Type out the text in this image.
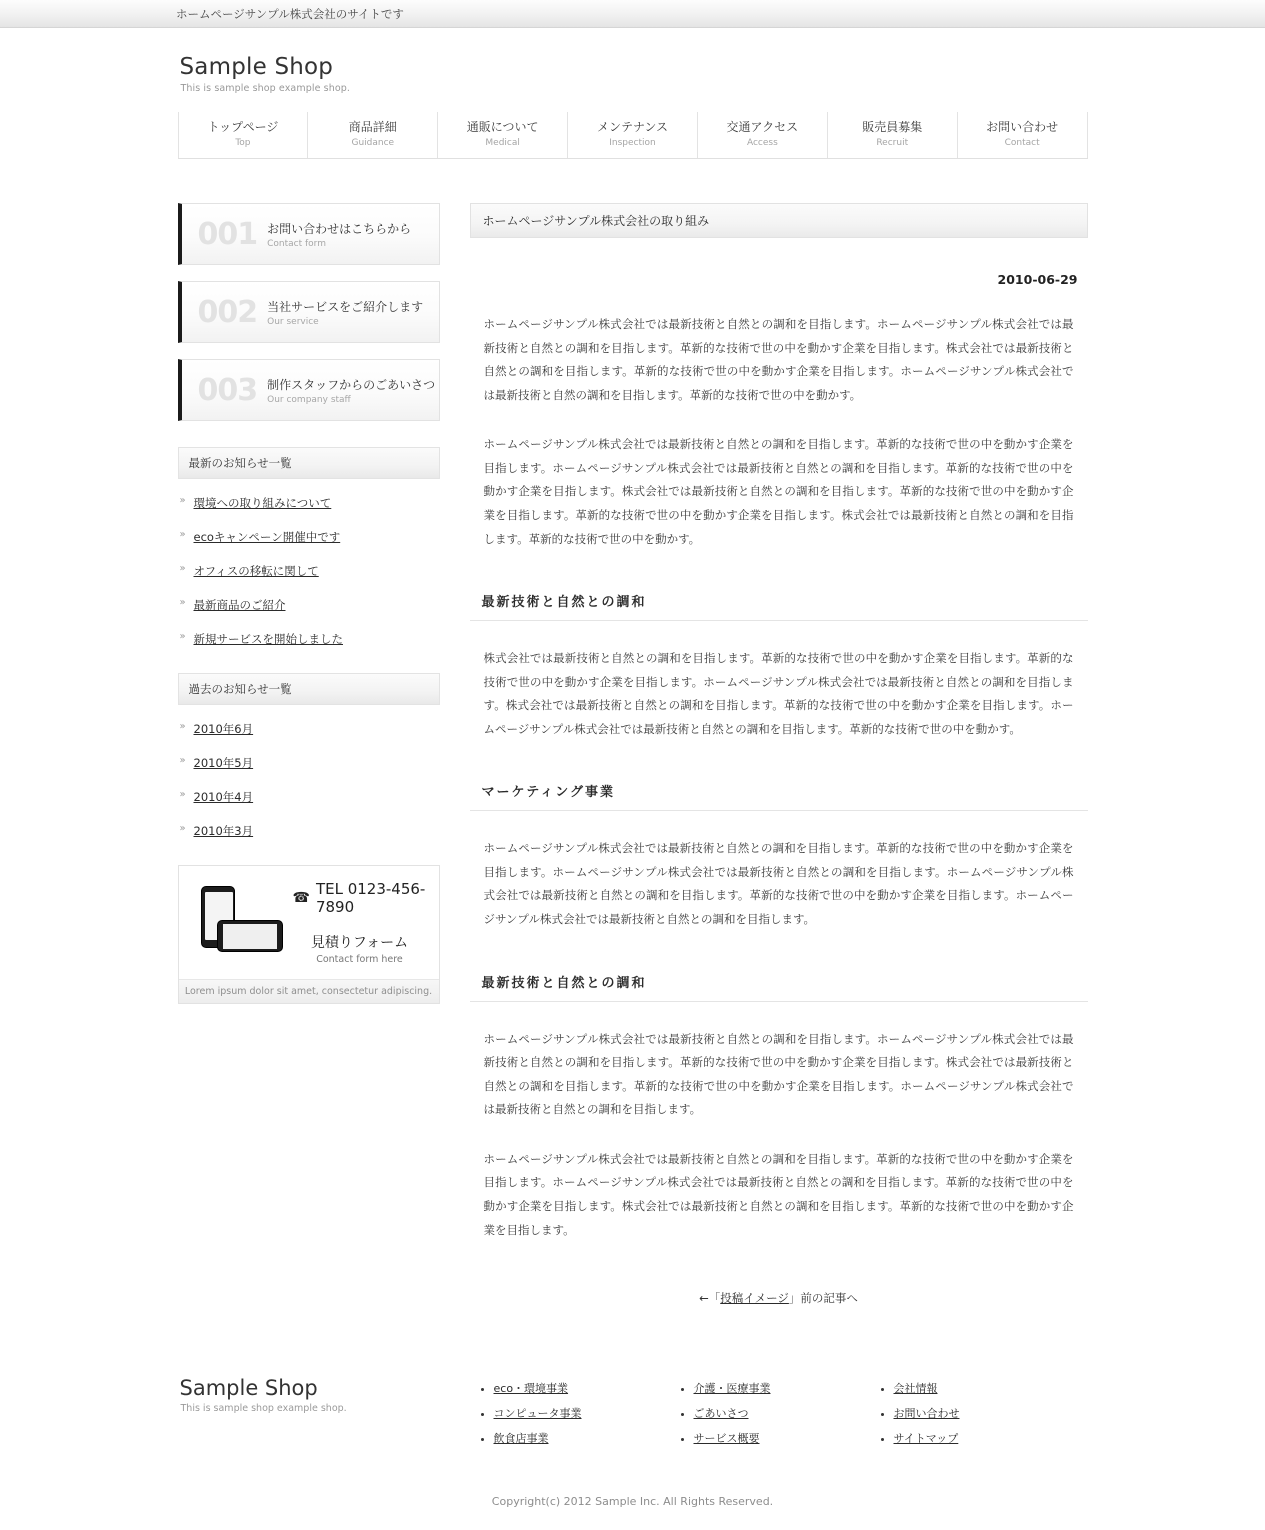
ホームページサンプル株式会社のサイトです
Sample Shop
This is sample shop example shop.
トップページ
Top
商品詳細
Guidance
通販について
Medical
メンテナンス
Inspection
交通アクセス
Access
販売員募集
Recruit
お問い合わせ
Contact
001 お問い合わせはこちらから
Contact form
002 当社サービスをご紹介します
Our service
003 制作スタッフからのごあいさつ
Our company staff
最新のお知らせ一覧
» 環境への取り組みについて
» ecoキャンペーン開催中です
» オフィスの移転に関して
» 最新商品のご紹介
» 新規サービスを開始しました
過去のお知らせ一覧
» 2010年6月
» 2010年5月
» 2010年4月
» 2010年3月
☎ TEL 0123-456-7890
見積りフォーム
Contact form here
Lorem ipsum dolor sit amet, consectetur adipiscing.
ホームページサンプル株式会社の取り組み
2010-06-29

ホームページサンプル株式会社では最新技術と自然との調和を目指します。ホームページサンプル株式会社では最新技術と自然との調和を目指します。革新的な技術で世の中を動かす企業を目指します。株式会社では最新技術と自然との調和を目指します。革新的な技術で世の中を動かす企業を目指します。ホームページサンプル株式会社では最新技術と自然の調和を目指します。革新的な技術で世の中を動かす。

ホームページサンプル株式会社では最新技術と自然との調和を目指します。革新的な技術で世の中を動かす企業を目指します。ホームページサンプル株式会社では最新技術と自然との調和を目指します。革新的な技術で世の中を動かす企業を目指します。株式会社では最新技術と自然との調和を目指します。革新的な技術で世の中を動かす企業を目指します。革新的な技術で世の中を動かす企業を目指します。株式会社では最新技術と自然との調和を目指します。革新的な技術で世の中を動かす。

最新技術と自然との調和

株式会社では最新技術と自然との調和を目指します。革新的な技術で世の中を動かす企業を目指します。革新的な技術で世の中を動かす企業を目指します。ホームページサンプル株式会社では最新技術と自然との調和を目指します。株式会社では最新技術と自然との調和を目指します。革新的な技術で世の中を動かす企業を目指します。ホームページサンプル株式会社では最新技術と自然との調和を目指します。革新的な技術で世の中を動かす。

マーケティング事業

ホームページサンプル株式会社では最新技術と自然との調和を目指します。革新的な技術で世の中を動かす企業を目指します。ホームページサンプル株式会社では最新技術と自然との調和を目指します。ホームページサンプル株式会社では最新技術と自然との調和を目指します。革新的な技術で世の中を動かす企業を目指します。ホームページサンプル株式会社では最新技術と自然との調和を目指します。

最新技術と自然との調和

ホームページサンプル株式会社では最新技術と自然との調和を目指します。ホームページサンプル株式会社では最新技術と自然との調和を目指します。革新的な技術で世の中を動かす企業を目指します。株式会社では最新技術と自然との調和を目指します。革新的な技術で世の中を動かす企業を目指します。ホームページサンプル株式会社では最新技術と自然との調和を目指します。

ホームページサンプル株式会社では最新技術と自然との調和を目指します。革新的な技術で世の中を動かす企業を目指します。ホームページサンプル株式会社では最新技術と自然との調和を目指します。革新的な技術で世の中を動かす企業を目指します。株式会社では最新技術と自然との調和を目指します。革新的な技術で世の中を動かす企業を目指します。

←「投稿イメージ」前の記事へ
Sample Shop
This is sample shop example shop.
• eco・環境事業
• コンピュータ事業
• 飲食店事業
• 介護・医療事業
• ごあいさつ
• サービス概要
• 会社情報
• お問い合わせ
• サイトマップ
Copyright(c) 2012 Sample Inc. All Rights Reserved.
